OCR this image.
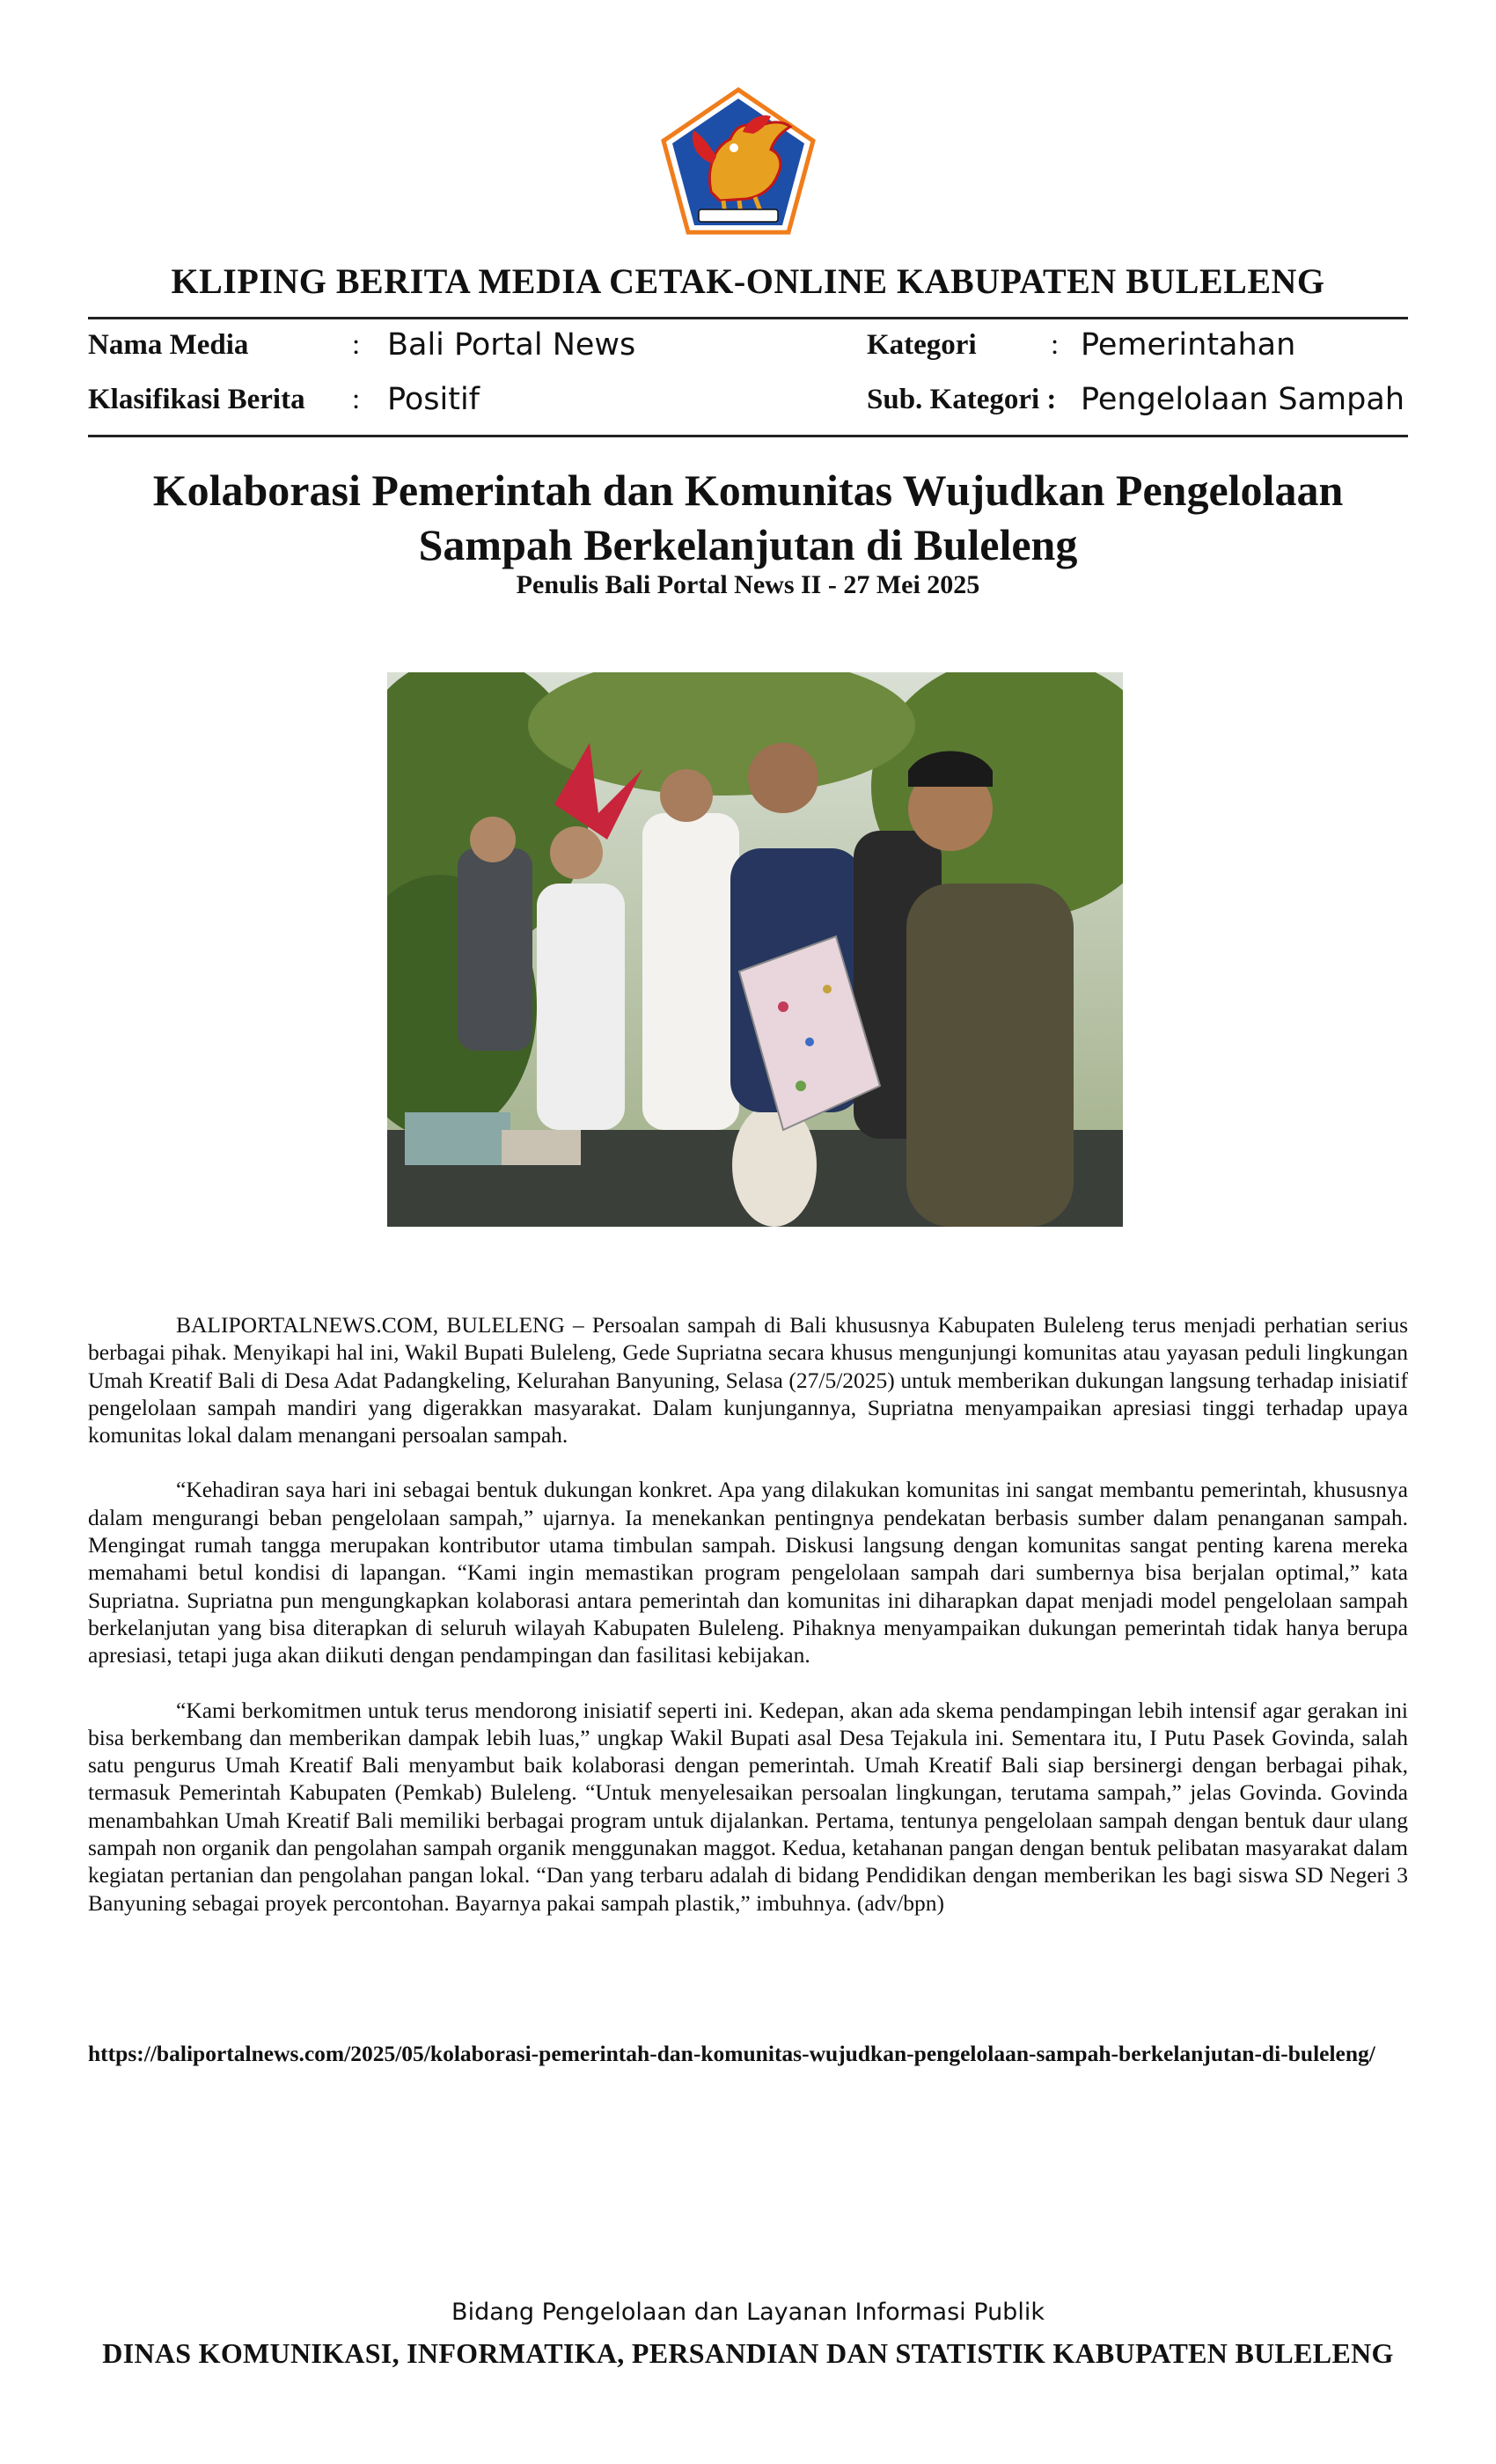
KLIPING BERITA MEDIA CETAK-ONLINE KABUPATEN BULELENG
Nama Media	: Bali Portal News	Kategori	: Pemerintahan
Klasifikasi Berita : Positif	Sub. Kategori : Pengelolaan Sampah
Kolaborasi Pemerintah dan Komunitas Wujudkan Pengelolaan Sampah Berkelanjutan di Buleleng
Penulis Bali Portal News II - 27 Mei 2025

BALIPORTALNEWS.COM, BULELENG – Persoalan sampah di Bali khususnya Kabupaten Buleleng terus menjadi perhatian serius berbagai pihak. Menyikapi hal ini, Wakil Bupati Buleleng, Gede Supriatna secara khusus mengunjungi komunitas atau yayasan peduli lingkungan Umah Kreatif Bali di Desa Adat Padangkeling, Kelurahan Banyuning, Selasa (27/5/2025) untuk memberikan dukungan langsung terhadap inisiatif pengelolaan sampah mandiri yang digerakkan masyarakat. Dalam kunjungannya, Supriatna menyampaikan apresiasi tinggi terhadap upaya komunitas lokal dalam menangani persoalan sampah.

“Kehadiran saya hari ini sebagai bentuk dukungan konkret. Apa yang dilakukan komunitas ini sangat membantu pemerintah, khususnya dalam mengurangi beban pengelolaan sampah,” ujarnya. Ia menekankan pentingnya pendekatan berbasis sumber dalam penanganan sampah. Mengingat rumah tangga merupakan kontributor utama timbulan sampah. Diskusi langsung dengan komunitas sangat penting karena mereka memahami betul kondisi di lapangan. “Kami ingin memastikan program pengelolaan sampah dari sumbernya bisa berjalan optimal,” kata Supriatna. Supriatna pun mengungkapkan kolaborasi antara pemerintah dan komunitas ini diharapkan dapat menjadi model pengelolaan sampah berkelanjutan yang bisa diterapkan di seluruh wilayah Kabupaten Buleleng. Pihaknya menyampaikan dukungan pemerintah tidak hanya berupa apresiasi, tetapi juga akan diikuti dengan pendampingan dan fasilitasi kebijakan.

“Kami berkomitmen untuk terus mendorong inisiatif seperti ini. Kedepan, akan ada skema pendampingan lebih intensif agar gerakan ini bisa berkembang dan memberikan dampak lebih luas,” ungkap Wakil Bupati asal Desa Tejakula ini. Sementara itu, I Putu Pasek Govinda, salah satu pengurus Umah Kreatif Bali menyambut baik kolaborasi dengan pemerintah. Umah Kreatif Bali siap bersinergi dengan berbagai pihak, termasuk Pemerintah Kabupaten (Pemkab) Buleleng. “Untuk menyelesaikan persoalan lingkungan, terutama sampah,” jelas Govinda. Govinda menambahkan Umah Kreatif Bali memiliki berbagai program untuk dijalankan. Pertama, tentunya pengelolaan sampah dengan bentuk daur ulang sampah non organik dan pengolahan sampah organik menggunakan maggot. Kedua, ketahanan pangan dengan bentuk pelibatan masyarakat dalam kegiatan pertanian dan pengolahan pangan lokal. “Dan yang terbaru adalah di bidang Pendidikan dengan memberikan les bagi siswa SD Negeri 3 Banyuning sebagai proyek percontohan. Bayarnya pakai sampah plastik,” imbuhnya. (adv/bpn)

https://baliportalnews.com/2025/05/kolaborasi-pemerintah-dan-komunitas-wujudkan-pengelolaan-sampah-berkelanjutan-di-buleleng/
Bidang Pengelolaan dan Layanan Informasi Publik
DINAS KOMUNIKASI, INFORMATIKA, PERSANDIAN DAN STATISTIK KABUPATEN BULELENG
